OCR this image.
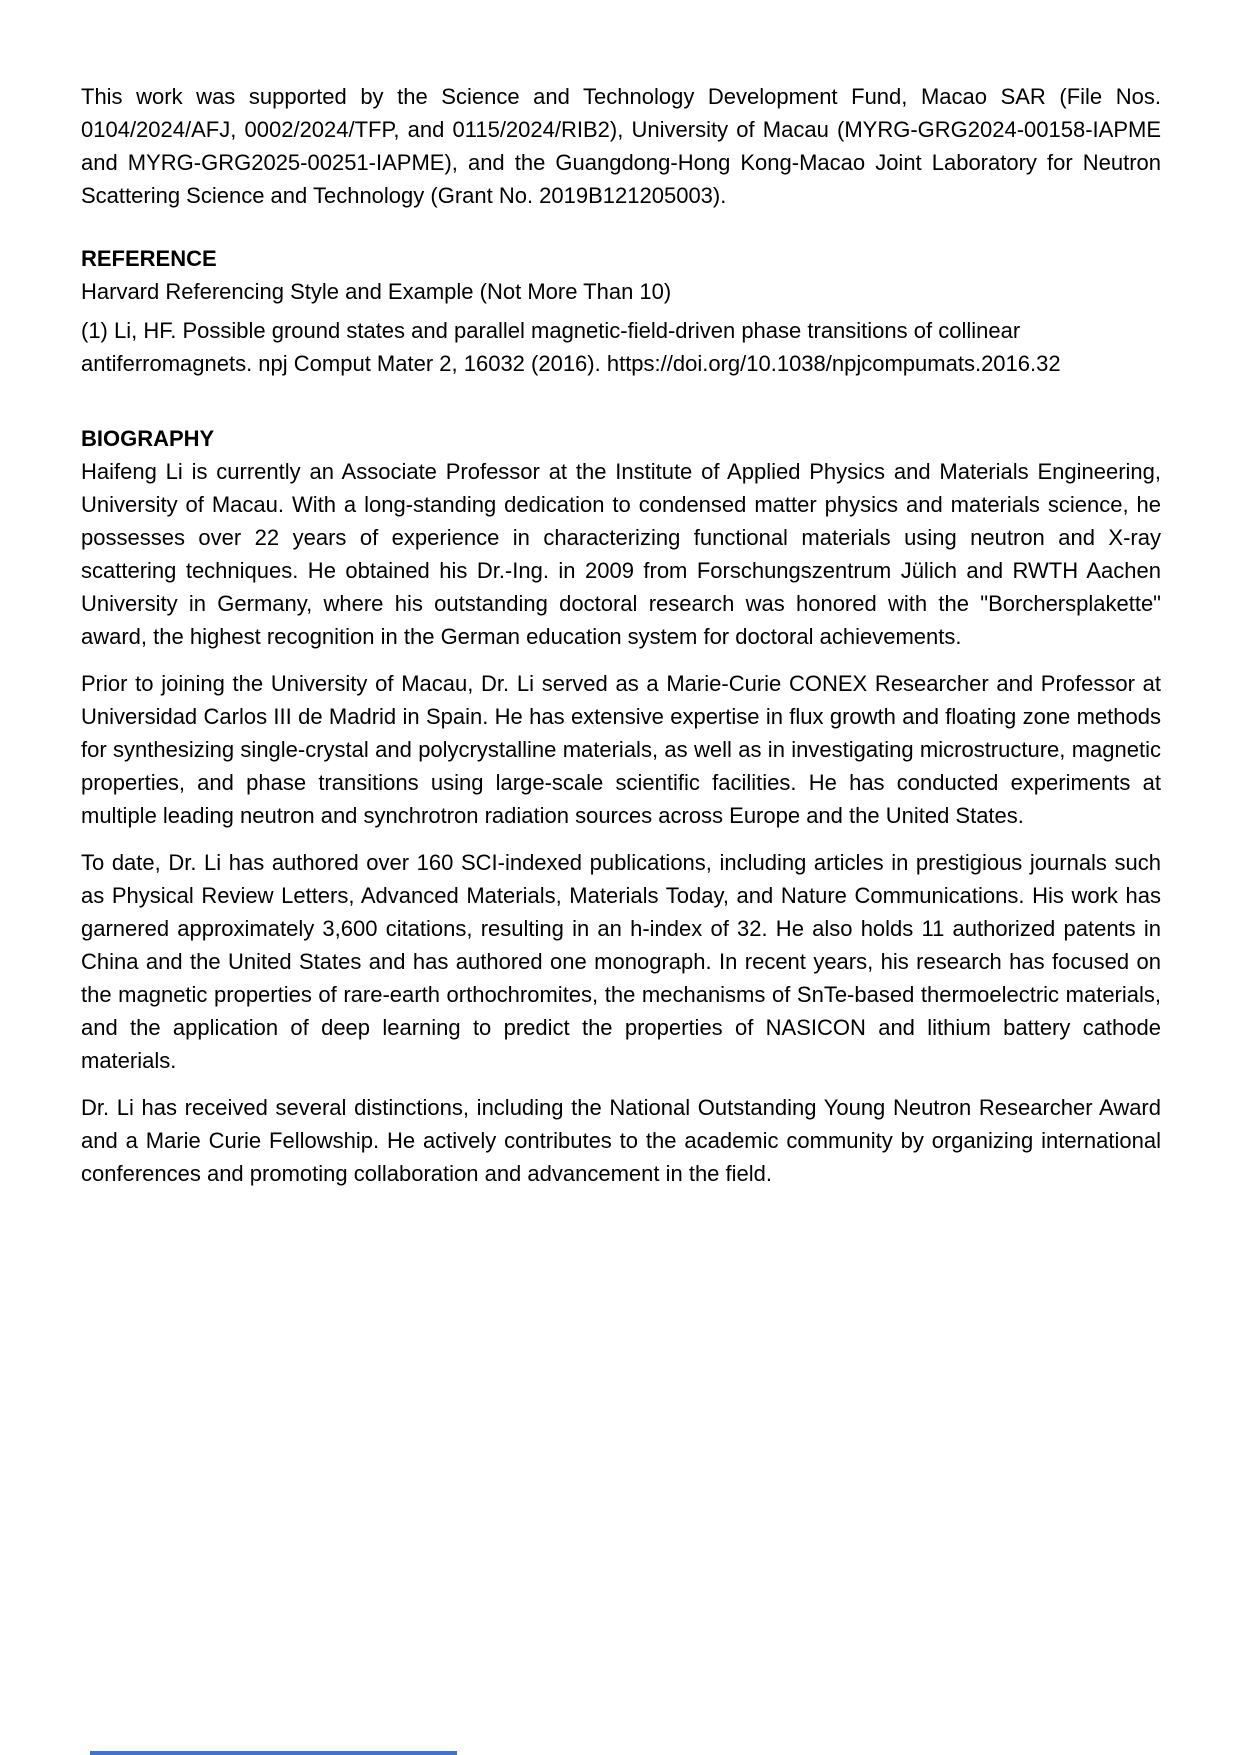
This work was supported by the Science and Technology Development Fund, Macao SAR (File Nos. 0104/2024/AFJ, 0002/2024/TFP, and 0115/2024/RIB2), University of Macau (MYRG-GRG2024-00158-IAPME and MYRG-GRG2025-00251-IAPME), and the Guangdong-Hong Kong-Macao Joint Laboratory for Neutron Scattering Science and Technology (Grant No. 2019B121205003).

REFERENCE

Harvard Referencing Style and Example (Not More Than 10)

(1) Li, HF. Possible ground states and parallel magnetic-field-driven phase transitions of collinear antiferromagnets. npj Comput Mater 2, 16032 (2016). https://doi.org/10.1038/npjcompumats.2016.32

BIOGRAPHY

Haifeng Li is currently an Associate Professor at the Institute of Applied Physics and Materials Engineering, University of Macau. With a long-standing dedication to condensed matter physics and materials science, he possesses over 22 years of experience in characterizing functional materials using neutron and X-ray scattering techniques. He obtained his Dr.-Ing. in 2009 from Forschungszentrum Jülich and RWTH Aachen University in Germany, where his outstanding doctoral research was honored with the "Borchersplakette" award, the highest recognition in the German education system for doctoral achievements.

Prior to joining the University of Macau, Dr. Li served as a Marie-Curie CONEX Researcher and Professor at Universidad Carlos III de Madrid in Spain. He has extensive expertise in flux growth and floating zone methods for synthesizing single-crystal and polycrystalline materials, as well as in investigating microstructure, magnetic properties, and phase transitions using large-scale scientific facilities. He has conducted experiments at multiple leading neutron and synchrotron radiation sources across Europe and the United States.

To date, Dr. Li has authored over 160 SCI-indexed publications, including articles in prestigious journals such as Physical Review Letters, Advanced Materials, Materials Today, and Nature Communications. His work has garnered approximately 3,600 citations, resulting in an h-index of 32. He also holds 11 authorized patents in China and the United States and has authored one monograph. In recent years, his research has focused on the magnetic properties of rare-earth orthochromites, the mechanisms of SnTe-based thermoelectric materials, and the application of deep learning to predict the properties of NASICON and lithium battery cathode materials.

Dr. Li has received several distinctions, including the National Outstanding Young Neutron Researcher Award and a Marie Curie Fellowship. He actively contributes to the academic community by organizing international conferences and promoting collaboration and advancement in the field.
